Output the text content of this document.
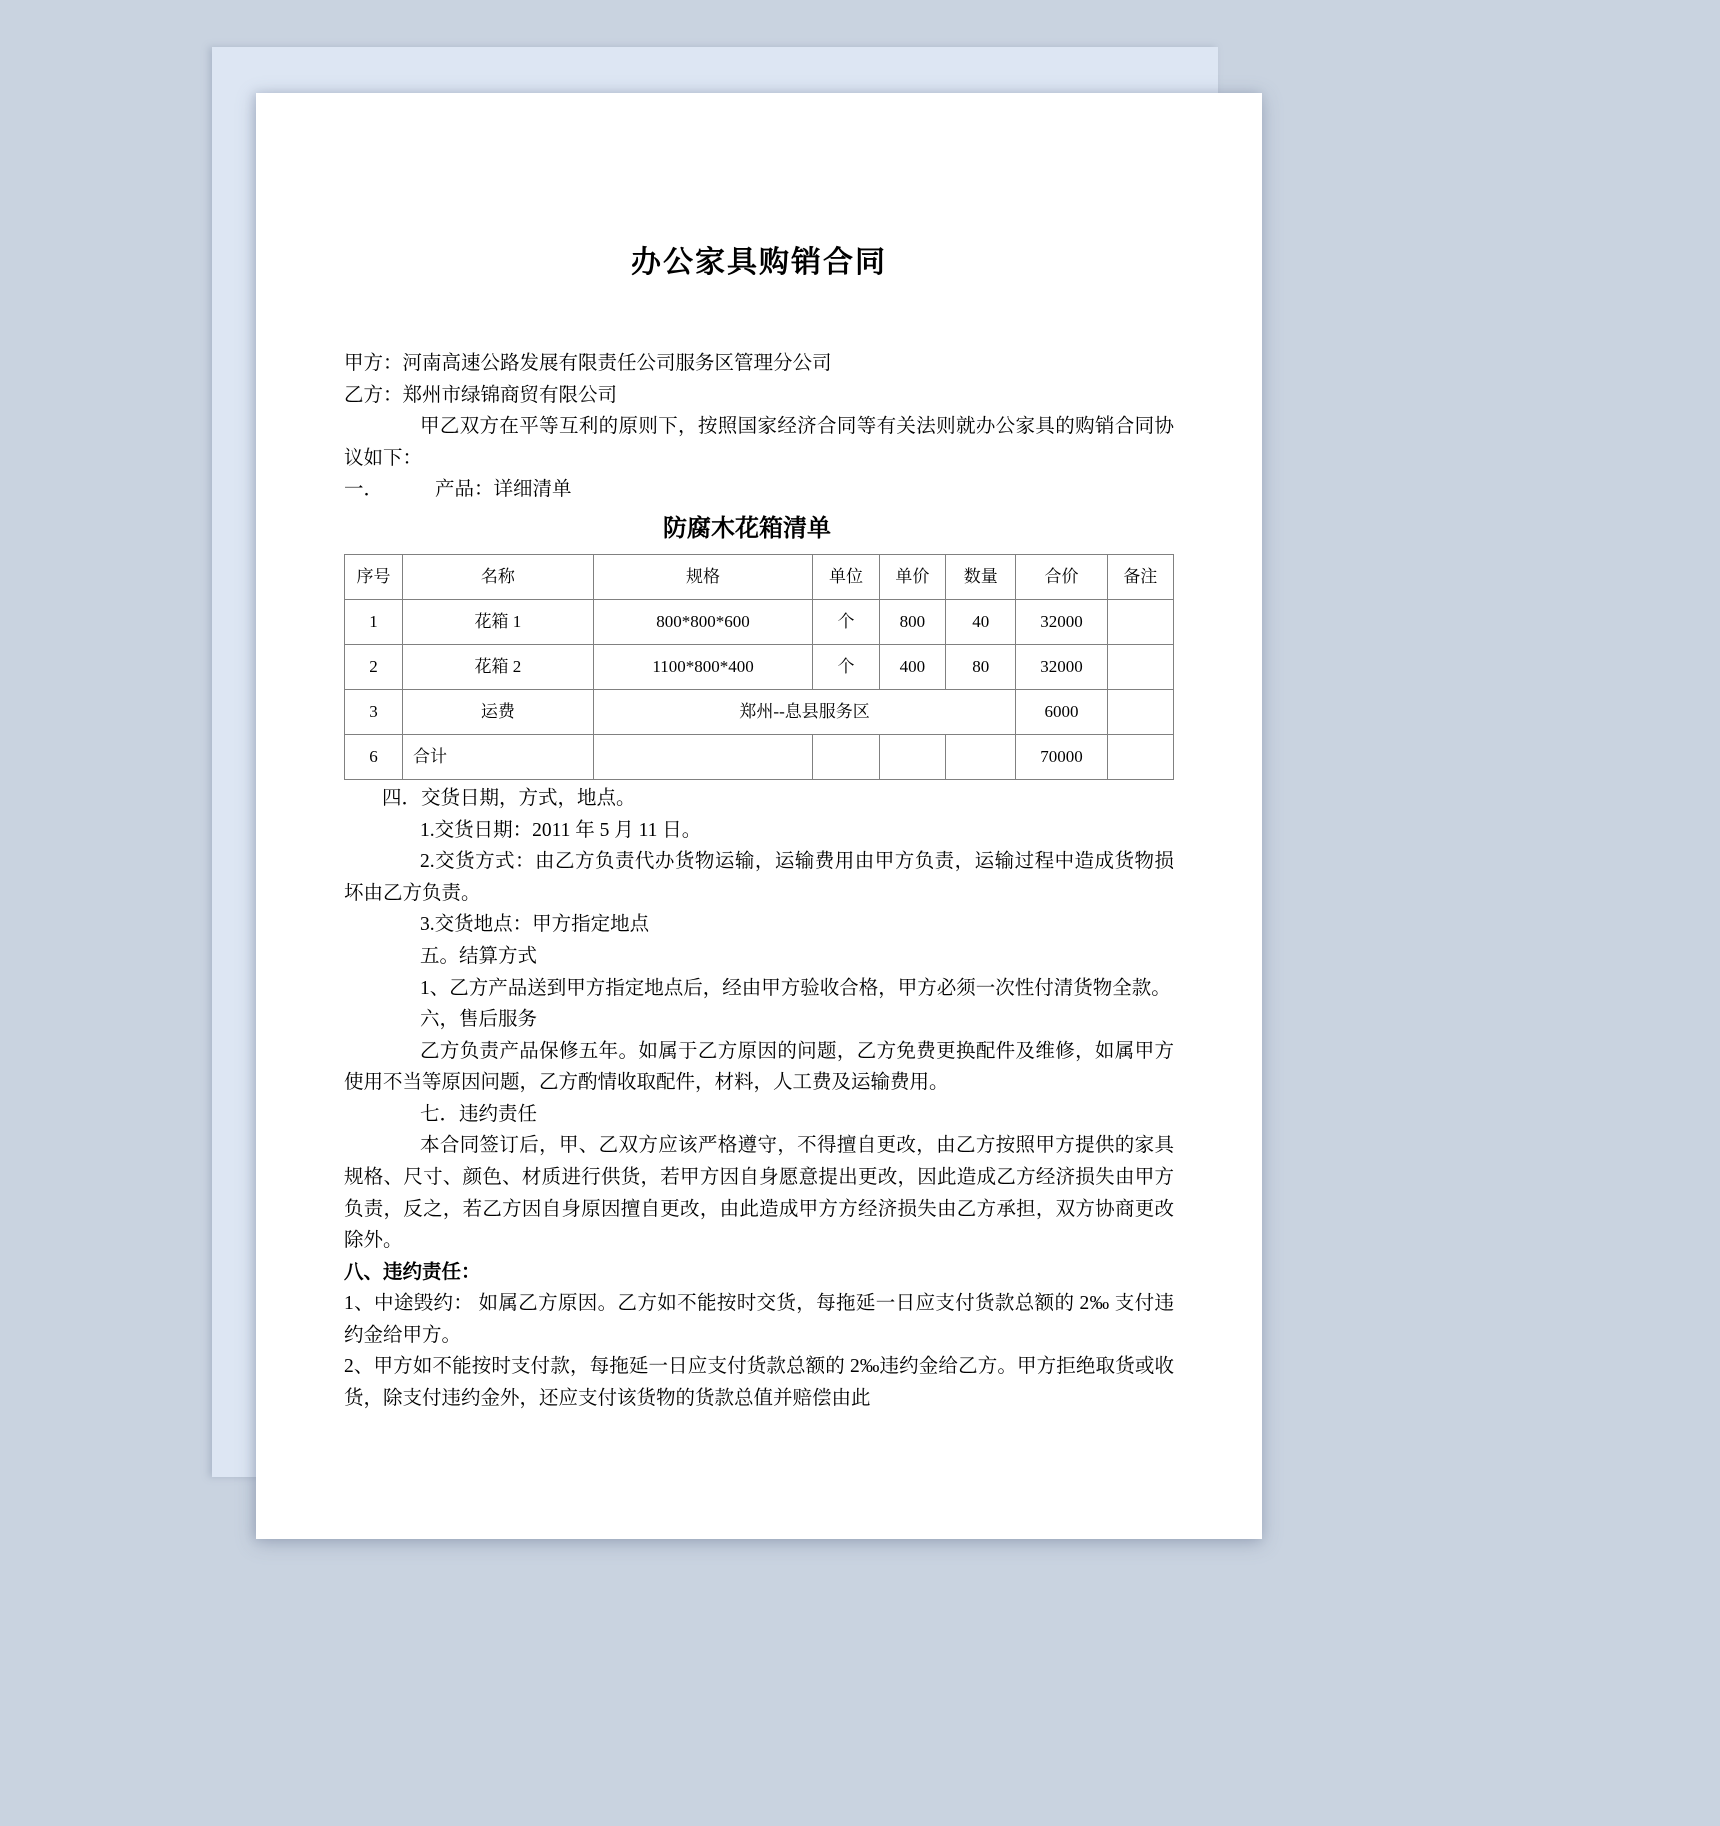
办公家具购销合同

甲方：河南高速公路发展有限责任公司服务区管理分公司

乙方：郑州市绿锦商贸有限公司

甲乙双方在平等互利的原则下，按照国家经济合同等有关法则就办公家具的购销合同协议如下：

一．	产品：详细清单

防腐木花箱清单
序号	名称	规格	单位	单价	数量	合价	备注
1	花箱 1	800*800*600	个	800	40	32000	
2	花箱 2	1100*800*400	个	400	80	32000	
3	运费	郑州--息县服务区				6000	
6	合计					70000	

四．交货日期，方式，地点。

1.交货日期：2011 年 5 月 11 日。

2.交货方式：由乙方负责代办货物运输，运输费用由甲方负责，运输过程中造成货物损坏由乙方负责。

3.交货地点：甲方指定地点

五。结算方式

1、乙方产品送到甲方指定地点后，经由甲方验收合格，甲方必须一次性付清货物全款。

六，售后服务

乙方负责产品保修五年。如属于乙方原因的问题，乙方免费更换配件及维修，如属甲方使用不当等原因问题，乙方酌情收取配件，材料，人工费及运输费用。

七．违约责任

本合同签订后，甲、乙双方应该严格遵守，不得擅自更改，由乙方按照甲方提供的家具规格、尺寸、颜色、材质进行供货，若甲方因自身愿意提出更改，因此造成乙方经济损失由甲方负责，反之，若乙方因自身原因擅自更改，由此造成甲方方经济损失由乙方承担，双方协商更改除外。

八、违约责任：

1、中途毁约： 如属乙方原因。乙方如不能按时交货，每拖延一日应支付货款总额的 2‰ 支付违约金给甲方。

2、甲方如不能按时支付款，每拖延一日应支付货款总额的 2‰违约金给乙方。甲方拒绝取货或收货，除支付违约金外，还应支付该货物的货款总值并赔偿由此
